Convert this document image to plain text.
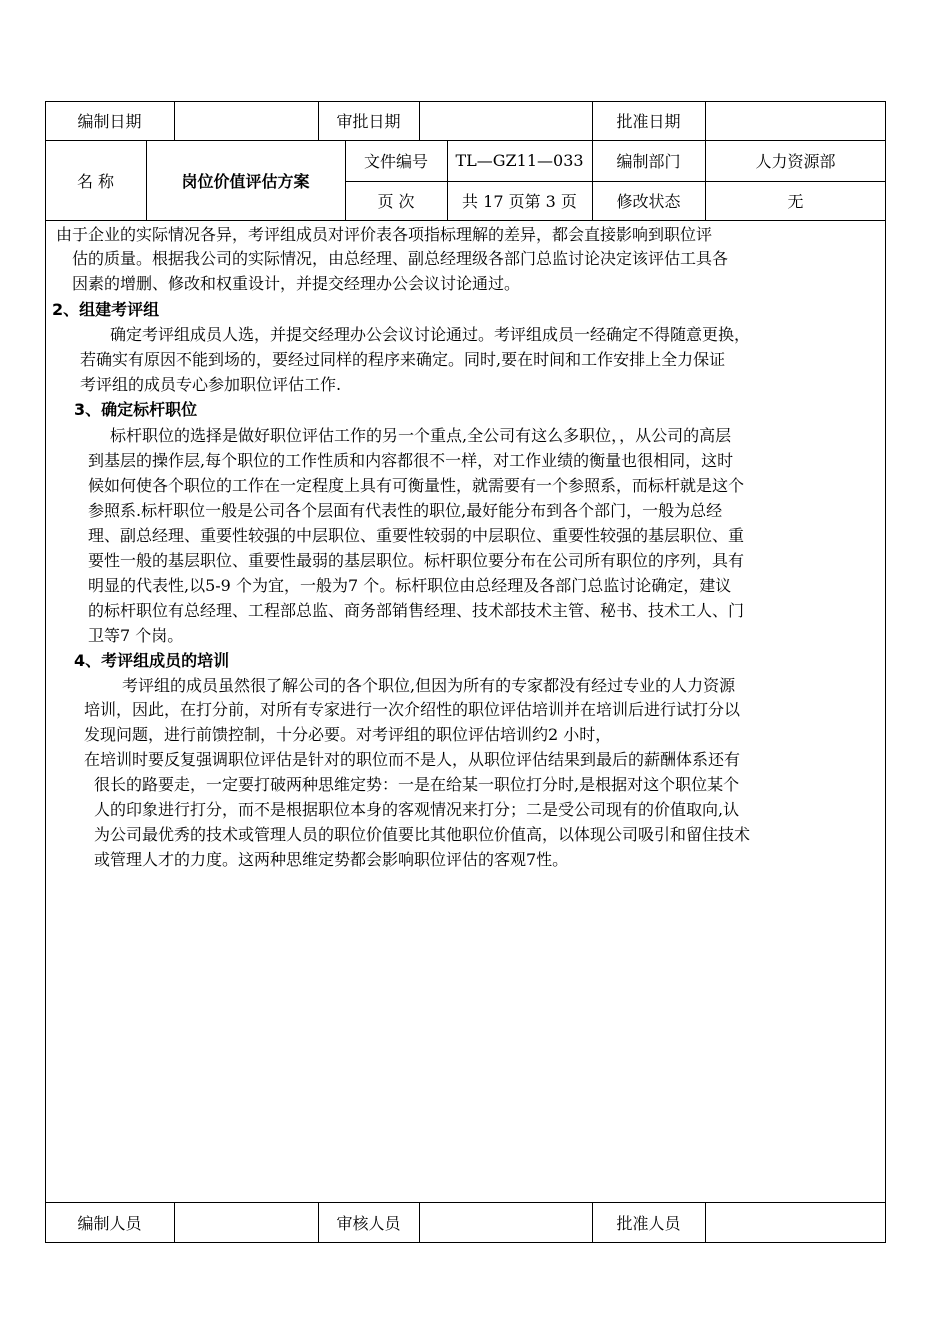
编制日期	审批日期	批准日期
名 称	岗位价值评估方案
文件编号	TL—GZ11—033	编制部门	人力资源部
页 次	共 17 页第 3 页	修改状态	无
由于企业的实际情况各异，考评组成员对评价表各项指标理解的差异，都会直接影响到职位评
估的质量。根据我公司的实际情况，由总经理、副总经理级各部门总监讨论决定该评估工具各
因素的增删、修改和权重设计，并提交经理办公会议讨论通过。
2、组建考评组
确定考评组成员人选，并提交经理办公会议讨论通过。考评组成员一经确定不得随意更换，
若确实有原因不能到场的，要经过同样的程序来确定。同时,要在时间和工作安排上全力保证
考评组的成员专心参加职位评估工作.
3、确定标杆职位
标杆职位的选择是做好职位评估工作的另一个重点,全公司有这么多职位，，从公司的高层
到基层的操作层,每个职位的工作性质和内容都很不一样，对工作业绩的衡量也很相同，这时
候如何使各个职位的工作在一定程度上具有可衡量性，就需要有一个参照系，而标杆就是这个
参照系.标杆职位一般是公司各个层面有代表性的职位,最好能分布到各个部门，一般为总经
理、副总经理、重要性较强的中层职位、重要性较弱的中层职位、重要性较强的基层职位、重
要性一般的基层职位、重要性最弱的基层职位。标杆职位要分布在公司所有职位的序列，具有
明显的代表性,以5-9 个为宜，一般为7 个。标杆职位由总经理及各部门总监讨论确定，建议
的标杆职位有总经理、工程部总监、商务部销售经理、技术部技术主管、秘书、技术工人、门
卫等7 个岗。
4、考评组成员的培训
考评组的成员虽然很了解公司的各个职位,但因为所有的专家都没有经过专业的人力资源
培训，因此，在打分前，对所有专家进行一次介绍性的职位评估培训并在培训后进行试打分以
发现问题，进行前馈控制，十分必要。对考评组的职位评估培训约2 小时，
在培训时要反复强调职位评估是针对的职位而不是人，从职位评估结果到最后的薪酬体系还有
很长的路要走，一定要打破两种思维定势：一是在给某一职位打分时,是根据对这个职位某个
人的印象进行打分，而不是根据职位本身的客观情况来打分；二是受公司现有的价值取向,认
为公司最优秀的技术或管理人员的职位价值要比其他职位价值高，以体现公司吸引和留住技术
或管理人才的力度。这两种思维定势都会影响职位评估的客观7性。
编制人员	审核人员	批准人员
